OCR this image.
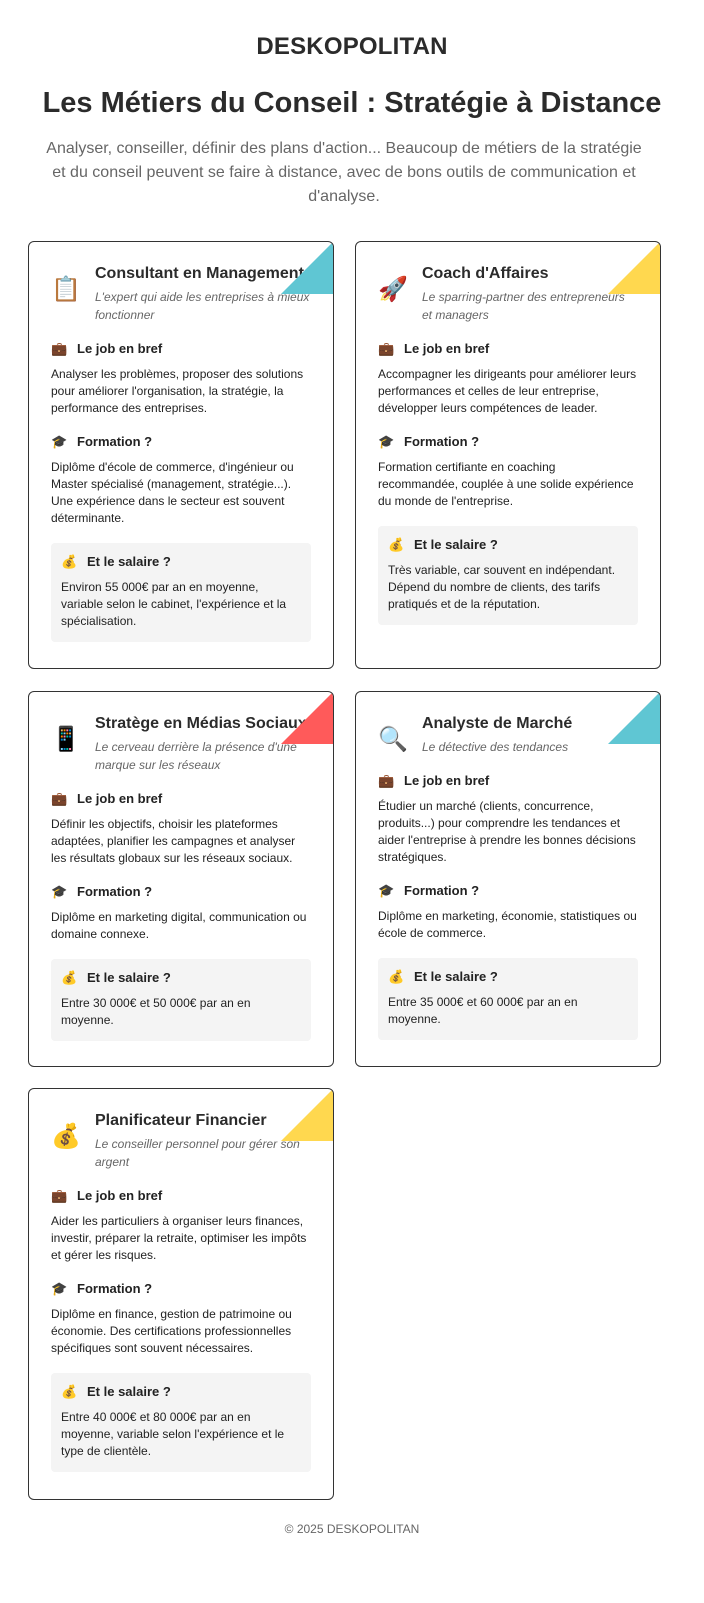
DESKOPOLITAN
Les Métiers du Conseil : Stratégie à Distance

Analyser, conseiller, définir des plans d'action... Beaucoup de métiers de la stratégie et du conseil peuvent se faire à distance, avec de bons outils de communication et d'analyse.

📋
Consultant en Management
L'expert qui aide les entreprises à mieux fonctionner
💼 Le job en bref
Analyser les problèmes, proposer des solutions pour améliorer l'organisation, la stratégie, la performance des entreprises.
🎓 Formation ?
Diplôme d'école de commerce, d'ingénieur ou Master spécialisé (management, stratégie...). Une expérience dans le secteur est souvent déterminante.
💰 Et le salaire ?
Environ 55 000€ par an en moyenne, variable selon le cabinet, l'expérience et la spécialisation.
🚀
Coach d'Affaires
Le sparring-partner des entrepreneurs et managers
💼 Le job en bref
Accompagner les dirigeants pour améliorer leurs performances et celles de leur entreprise, développer leurs compétences de leader.
🎓 Formation ?
Formation certifiante en coaching recommandée, couplée à une solide expérience du monde de l'entreprise.
💰 Et le salaire ?
Très variable, car souvent en indépendant. Dépend du nombre de clients, des tarifs pratiqués et de la réputation.
📱
Stratège en Médias Sociaux
Le cerveau derrière la présence d'une marque sur les réseaux
💼 Le job en bref
Définir les objectifs, choisir les plateformes adaptées, planifier les campagnes et analyser les résultats globaux sur les réseaux sociaux.
🎓 Formation ?
Diplôme en marketing digital, communication ou domaine connexe.
💰 Et le salaire ?
Entre 30 000€ et 50 000€ par an en moyenne.
🔍
Analyste de Marché
Le détective des tendances
💼 Le job en bref
Étudier un marché (clients, concurrence, produits...) pour comprendre les tendances et aider l'entreprise à prendre les bonnes décisions stratégiques.
🎓 Formation ?
Diplôme en marketing, économie, statistiques ou école de commerce.
💰 Et le salaire ?
Entre 35 000€ et 60 000€ par an en moyenne.
💰
Planificateur Financier
Le conseiller personnel pour gérer son argent
💼 Le job en bref
Aider les particuliers à organiser leurs finances, investir, préparer la retraite, optimiser les impôts et gérer les risques.
🎓 Formation ?
Diplôme en finance, gestion de patrimoine ou économie. Des certifications professionnelles spécifiques sont souvent nécessaires.
💰 Et le salaire ?
Entre 40 000€ et 80 000€ par an en moyenne, variable selon l'expérience et le type de clientèle.
© 2025 DESKOPOLITAN
